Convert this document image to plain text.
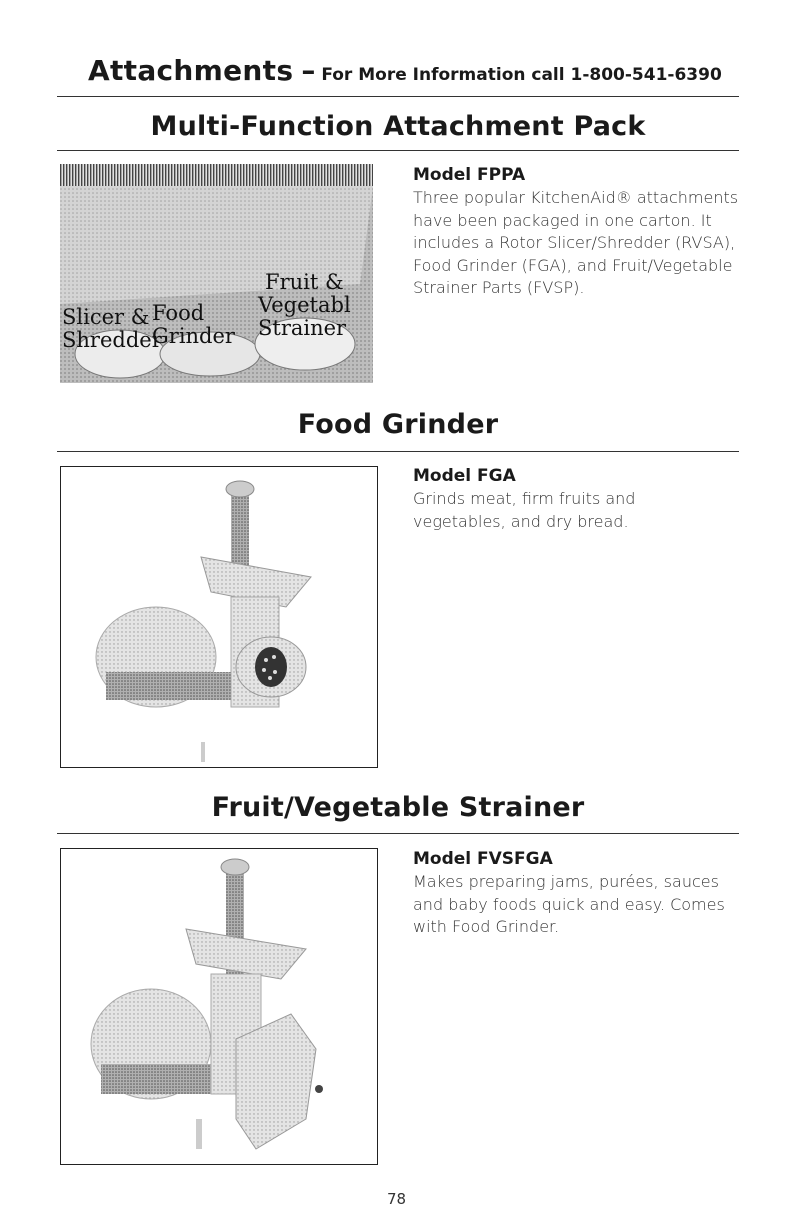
Attachments – For More Information call 1-800-541-6390
Multi-Function Attachment Pack
Slicer &
Shredder
Food
Grinder
Fruit &
Vegetabl
Strainer
Model FPPA
Three popular KitchenAid® attachments have been packaged in one carton. It includes a Rotor Slicer/Shredder (RVSA), Food Grinder (FGA), and Fruit/Vegetable Strainer Parts (FVSP).
Food Grinder
Model FGA
Grinds meat, firm fruits and vegetables, and dry bread.
Fruit/Vegetable Strainer
Model FVSFGA
Makes preparing jams, purées, sauces and baby foods quick and easy. Comes with Food Grinder.
78
